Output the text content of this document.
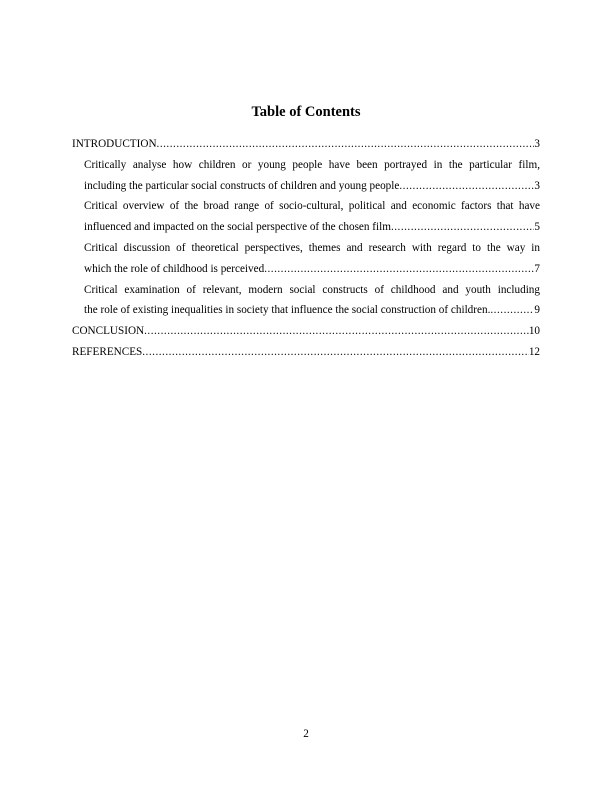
Table of Contents
INTRODUCTION .....	3
Critically analyse how children or young people have been portrayed in the particular film,
including the particular social constructs of children and young people .....	3
Critical overview of the broad range of socio-cultural, political and economic factors that have
influenced and impacted on the social perspective of the chosen film .....	5
Critical discussion of theoretical perspectives, themes and research with regard to the way in
which the role of childhood is perceived .....	7
Critical examination of relevant, modern social constructs of childhood and youth including
the role of existing inequalities in society that influence the social construction of children. .....	9
CONCLUSION .....	10
REFERENCES .....	12
2
